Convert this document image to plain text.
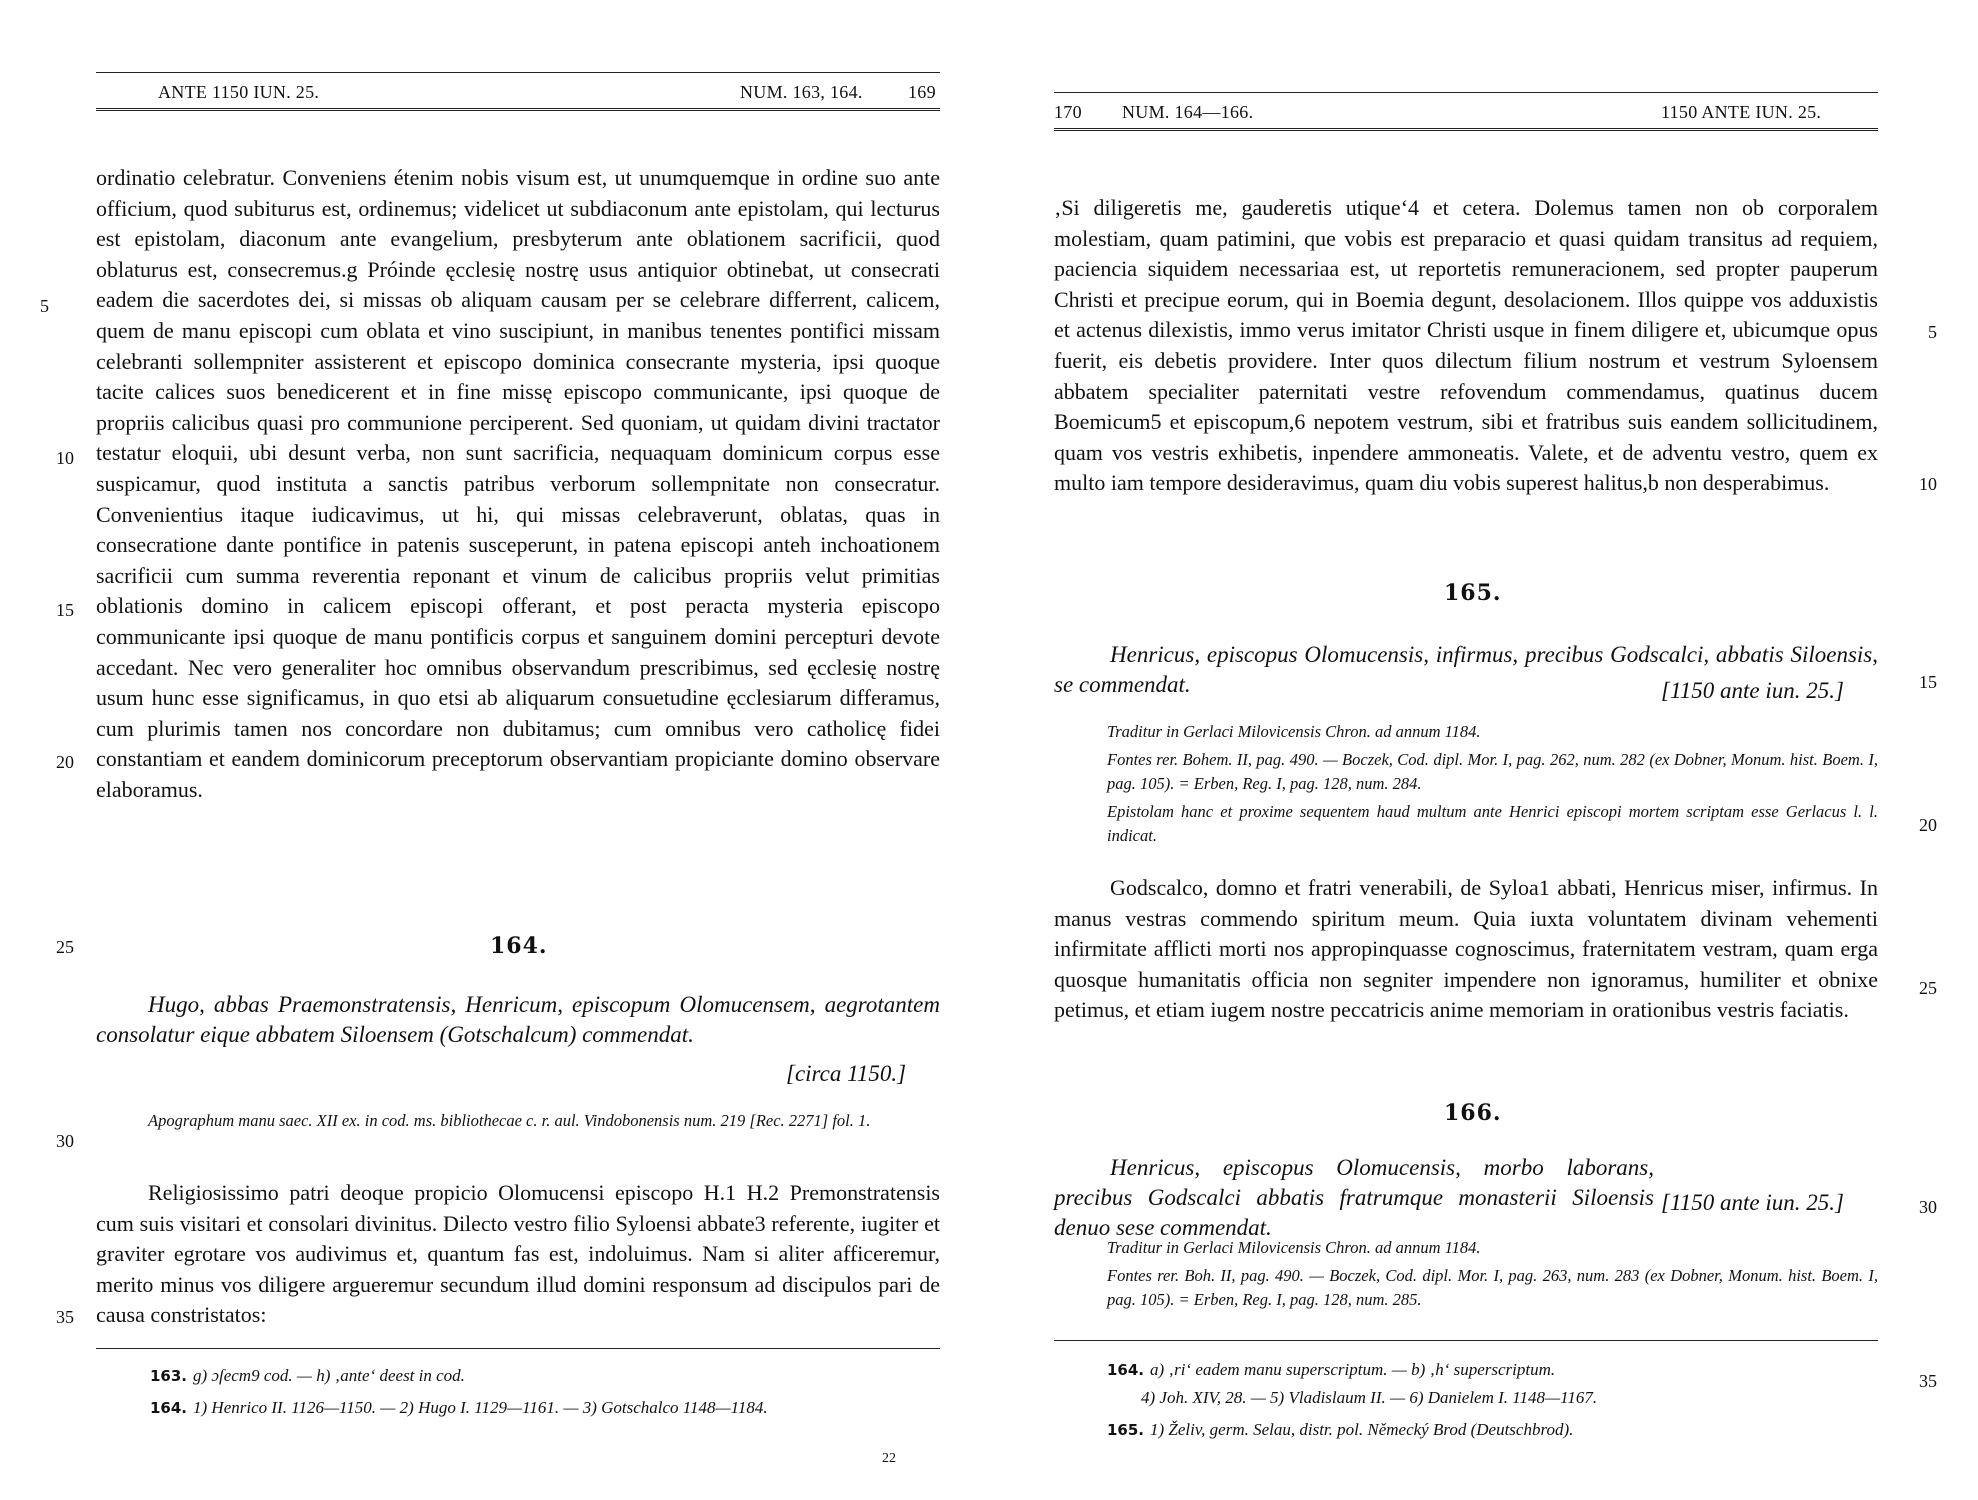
ANTE 1150 IUN. 25.	NUM. 163, 164.	169

ordinatio celebratur. Conveniens étenim nobis visum est, ut unumquemque in ordine suo ante officium, quod subiturus est, ordinemus; videlicet ut subdiaconum ante epistolam, qui lecturus est epistolam, diaconum ante evangelium, presbyterum ante oblationem sacrificii, quod oblaturus est, consecremus.g Próinde ęcclesię nostrę usus antiquior obtinebat, ut consecrati eadem die sacerdotes dei, si missas ob aliquam causam per se celebrare differrent, calicem, quem de manu episcopi cum oblata et vino suscipiunt, in manibus tenentes pontifici missam celebranti sollempniter assisterent et episcopo dominica consecrante mysteria, ipsi quoque tacite calices suos benedicerent et in fine missę episcopo communicante, ipsi quoque de propriis calicibus quasi pro communione perciperent. Sed quoniam, ut quidam divini tractator testatur eloquii, ubi desunt verba, non sunt sacrificia, nequaquam dominicum corpus esse suspicamur, quod instituta a sanctis patribus verborum sollempnitate non consecratur. Convenientius itaque iudicavimus, ut hi, qui missas celebraverunt, oblatas, quas in consecratione dante pontifice in patenis susceperunt, in patena episcopi anteh inchoationem sacrificii cum summa reverentia reponant et vinum de calicibus propriis velut primitias oblationis domino in calicem episcopi offerant, et post peracta mysteria episcopo communicante ipsi quoque de manu pontificis corpus et sanguinem domini percepturi devote accedant. Nec vero generaliter hoc omnibus observandum prescribimus, sed ęcclesię nostrę usum hunc esse significamus, in quo etsi ab aliquarum consuetudine ęcclesiarum differamus, cum plurimis tamen nos concordare non dubitamus; cum omnibus vero catholicę fidei constantiam et eandem dominicorum preceptorum observantiam propiciante domino observare elaboramus.

5
10
15
20
25
30
35
164.
Hugo, abbas Praemonstratensis, Henricum, episcopum Olomucensem, aegrotantem consolatur eique abbatem Siloensem (Gotschalcum) commendat.
[circa 1150.]

Apographum manu saec. XII ex. in cod. ms. bibliothecae c. r. aul. Vindobonensis num. 219 [Rec. 2271] fol. 1.

Religiosissimo patri deoque propicio Olomucensi episcopo H.1 H.2 Premonstratensis cum suis visitari et consolari divinitus. Dilecto vestro filio Syloensi abbate3 referente, iugiter et graviter egrotare vos audivimus et, quantum fas est, indoluimus. Nam si aliter afficeremur, merito minus vos diligere argueremur secundum illud domini responsum ad discipulos pari de causa constristatos:

163. g) ɔſecm9 cod. — h) ‚ante‘ deest in cod.
164. 1) Henrico II. 1126—1150. — 2) Hugo I. 1129—1161. — 3) Gotschalco 1148—1184.
22
170 NUM. 164—166.	1150 ANTE IUN. 25.

‚Si diligeretis me, gauderetis utique‘4 et cetera. Dolemus tamen non ob corporalem molestiam, quam patimini, que vobis est preparacio et quasi quidam transitus ad requiem, paciencia siquidem necessariaa est, ut reportetis remuneracionem, sed propter pauperum Christi et precipue eorum, qui in Boemia degunt, desolacionem. Illos quippe vos adduxistis et actenus dilexistis, immo verus imitator Christi usque in finem diligere et, ubicumque opus fuerit, eis debetis providere. Inter quos dilectum filium nostrum et vestrum Syloensem abbatem specialiter paternitati vestre refovendum commendamus, quatinus ducem Boemicum5 et episcopum,6 nepotem vestrum, sibi et fratribus suis eandem sollicitudinem, quam vos vestris exhibetis, inpendere ammoneatis. Valete, et de adventu vestro, quem ex multo iam tempore desideravimus, quam diu vobis superest halitus,b non desperabimus.

5
10
15
20
25
30
35
165.
Henricus, episcopus Olomucensis, infirmus, precibus Godscalci, abbatis Siloensis, se commendat.	[1150 ante iun. 25.]

Traditur in Gerlaci Milovicensis Chron. ad annum 1184.

Fontes rer. Bohem. II, pag. 490. — Boczek, Cod. dipl. Mor. I, pag. 262, num. 282 (ex Dobner, Monum. hist. Boem. I, pag. 105). = Erben, Reg. I, pag. 128, num. 284.

Epistolam hanc et proxime sequentem haud multum ante Henrici episcopi mortem scriptam esse Gerlacus l. l. indicat.

Godscalco, domno et fratri venerabili, de Syloa1 abbati, Henricus miser, infirmus. In manus vestras commendo spiritum meum. Quia iuxta voluntatem divinam vehementi infirmitate afflicti morti nos appropinquasse cognoscimus, fraternitatem vestram, quam erga quosque humanitatis officia non segniter impendere non ignoramus, humiliter et obnixe petimus, et etiam iugem nostre peccatricis anime memoriam in orationibus vestris faciatis.

166.
Henricus, episcopus Olomucensis, morbo laborans, precibus Godscalci abbatis fratrumque monasterii Siloensis denuo sese commendat.
[1150 ante iun. 25.]

Traditur in Gerlaci Milovicensis Chron. ad annum 1184.

Fontes rer. Boh. II, pag. 490. — Boczek, Cod. dipl. Mor. I, pag. 263, num. 283 (ex Dobner, Monum. hist. Boem. I, pag. 105). = Erben, Reg. I, pag. 128, num. 285.

164. a) ‚ri‘ eadem manu superscriptum. — b) ‚h‘ superscriptum.
4) Joh. XIV, 28. — 5) Vladislaum II. — 6) Danielem I. 1148—1167.
165. 1) Želiv, germ. Selau, distr. pol. Německý Brod (Deutschbrod).
